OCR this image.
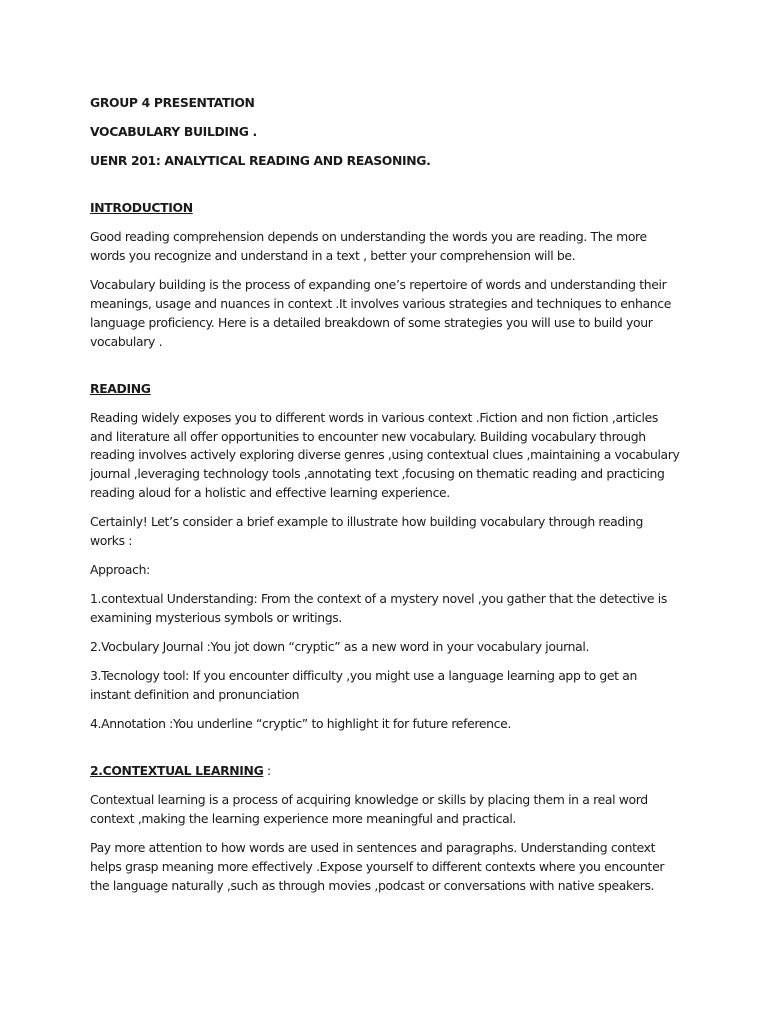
GROUP 4 PRESENTATION
VOCABULARY BUILDING .
UENR 201: ANALYTICAL READING AND REASONING.
INTRODUCTION

Good reading comprehension depends on understanding the words you are reading. The more words you recognize and understand in a text , better your comprehension will be.

Vocabulary building is the process of expanding one’s repertoire of words and understanding their meanings, usage and nuances in context .It involves various strategies and techniques to enhance language proficiency. Here is a detailed breakdown of some strategies you will use to build your vocabulary .

READING

Reading widely exposes you to different words in various context .Fiction and non fiction ,articles and literature all offer opportunities to encounter new vocabulary. Building vocabulary through reading involves actively exploring diverse genres ,using contextual clues ,maintaining a vocabulary journal ,leveraging technology tools ,annotating text ,focusing on thematic reading and practicing reading aloud for a holistic and effective learning experience.

Certainly! Let’s consider a brief example to illustrate how building vocabulary through reading works :

Approach:

1.contextual Understanding: From the context of a mystery novel ,you gather that the detective is examining mysterious symbols or writings.

2.Vocbulary Journal :You jot down “cryptic” as a new word in your vocabulary journal.

3.Tecnology tool: If you encounter difficulty ,you might use a language learning app to get an instant definition and pronunciation

4.Annotation :You underline “cryptic” to highlight it for future reference.

2.CONTEXTUAL LEARNING :

Contextual learning is a process of acquiring knowledge or skills by placing them in a real word context ,making the learning experience more meaningful and practical.

Pay more attention to how words are used in sentences and paragraphs. Understanding context helps grasp meaning more effectively .Expose yourself to different contexts where you encounter the language naturally ,such as through movies ,podcast or conversations with native speakers.
